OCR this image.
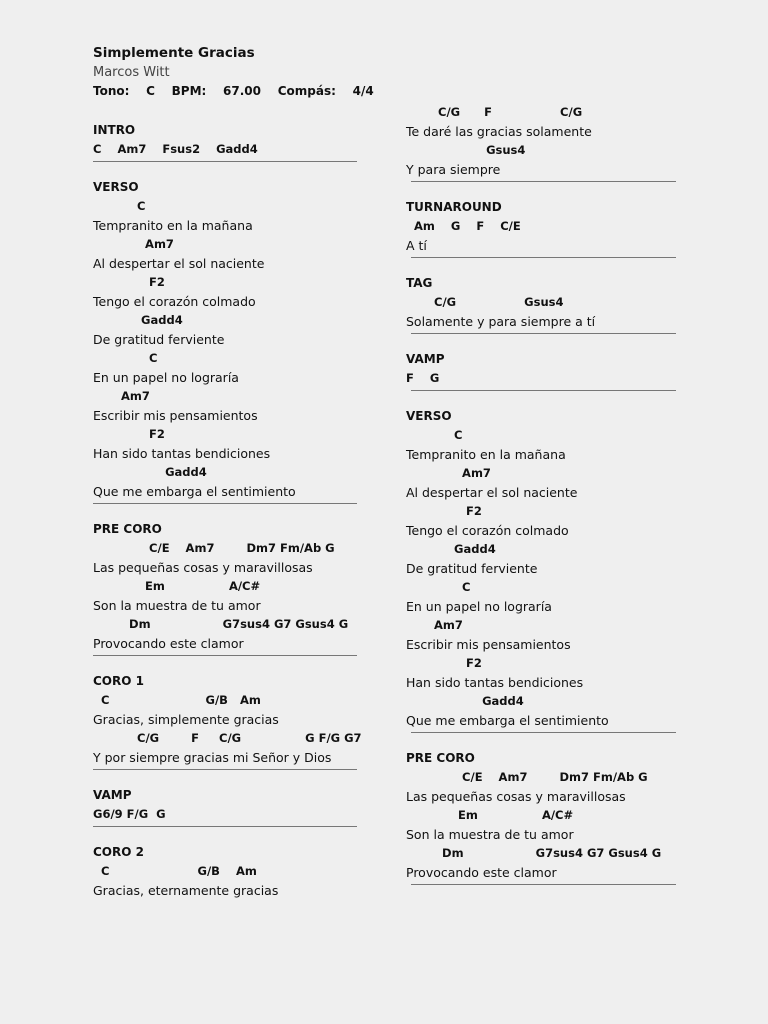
Simplemente Gracias
Marcos Witt
Tono:    C    BPM:    67.00    Compás:    4/4
INTRO
C    Am7    Fsus2    Gadd4
VERSO
C
Tempranito en la mañana
Am7
Al despertar el sol naciente
F2
Tengo el corazón colmado
Gadd4
De gratitud ferviente
C
En un papel no lograría
Am7
Escribir mis pensamientos
F2
Han sido tantas bendiciones
Gadd4
Que me embarga el sentimiento
PRE CORO
C/E    Am7        Dm7 Fm/Ab G
Las pequeñas cosas y maravillosas
Em                A/C#
Son la muestra de tu amor
Dm                  G7sus4 G7 Gsus4 G
Provocando este clamor
CORO 1
C                        G/B   Am
Gracias, simplemente gracias
C/G        F     C/G                G F/G G7
Y por siempre gracias mi Señor y Dios
VAMP
G6/9 F/G  G
CORO 2
C                      G/B    Am
Gracias, eternamente gracias
C/G      F                 C/G
Te daré las gracias solamente
Gsus4
Y para siempre
TURNAROUND
Am    G    F    C/E
A tí
TAG
C/G                 Gsus4
Solamente y para siempre a tí
VAMP
F    G
VERSO
C
Tempranito en la mañana
Am7
Al despertar el sol naciente
F2
Tengo el corazón colmado
Gadd4
De gratitud ferviente
C
En un papel no lograría
Am7
Escribir mis pensamientos
F2
Han sido tantas bendiciones
Gadd4
Que me embarga el sentimiento
PRE CORO
C/E    Am7        Dm7 Fm/Ab G
Las pequeñas cosas y maravillosas
Em                A/C#
Son la muestra de tu amor
Dm                  G7sus4 G7 Gsus4 G
Provocando este clamor
